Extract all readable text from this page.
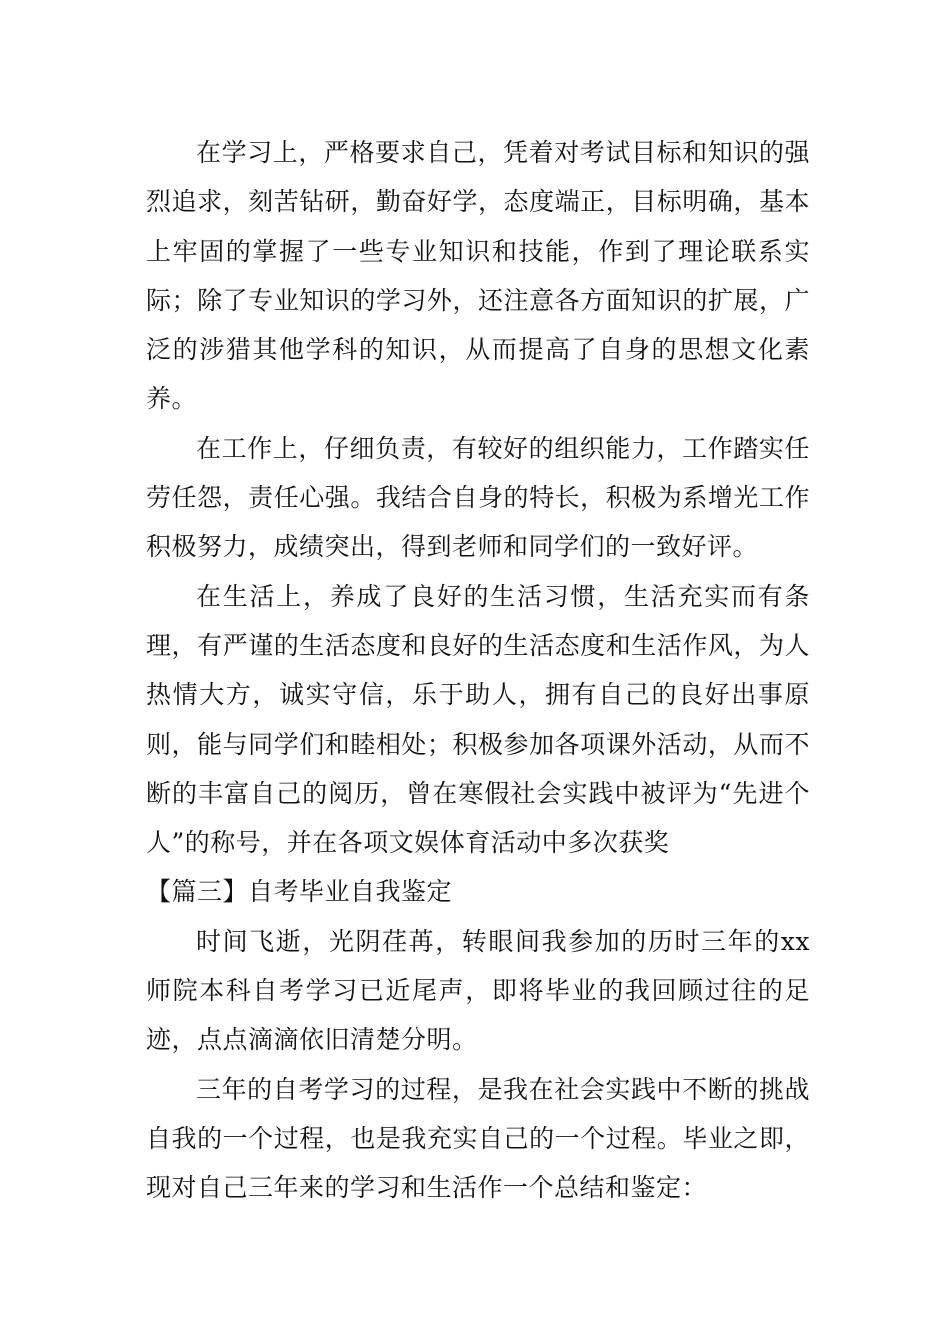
在学习上，严格要求自己，凭着对考试目标和知识的强烈追求，刻苦钻研，勤奋好学，态度端正，目标明确，基本上牢固的掌握了一些专业知识和技能，作到了理论联系实际；除了专业知识的学习外，还注意各方面知识的扩展，广泛的涉猎其他学科的知识，从而提高了自身的思想文化素养。

在工作上，仔细负责，有较好的组织能力，工作踏实任劳任怨，责任心强。我结合自身的特长，积极为系增光工作积极努力，成绩突出，得到老师和同学们的一致好评。

在生活上，养成了良好的生活习惯，生活充实而有条理，有严谨的生活态度和良好的生活态度和生活作风，为人热情大方，诚实守信，乐于助人，拥有自己的良好出事原则，能与同学们和睦相处；积极参加各项课外活动，从而不断的丰富自己的阅历，曾在寒假社会实践中被评为“先进个人”的称号，并在各项文娱体育活动中多次获奖

【篇三】自考毕业自我鉴定

时间飞逝，光阴荏苒，转眼间我参加的历时三年的xx师院本科自考学习已近尾声，即将毕业的我回顾过往的足迹，点点滴滴依旧清楚分明。

三年的自考学习的过程，是我在社会实践中不断的挑战自我的一个过程，也是我充实自己的一个过程。毕业之即，现对自己三年来的学习和生活作一个总结和鉴定：
